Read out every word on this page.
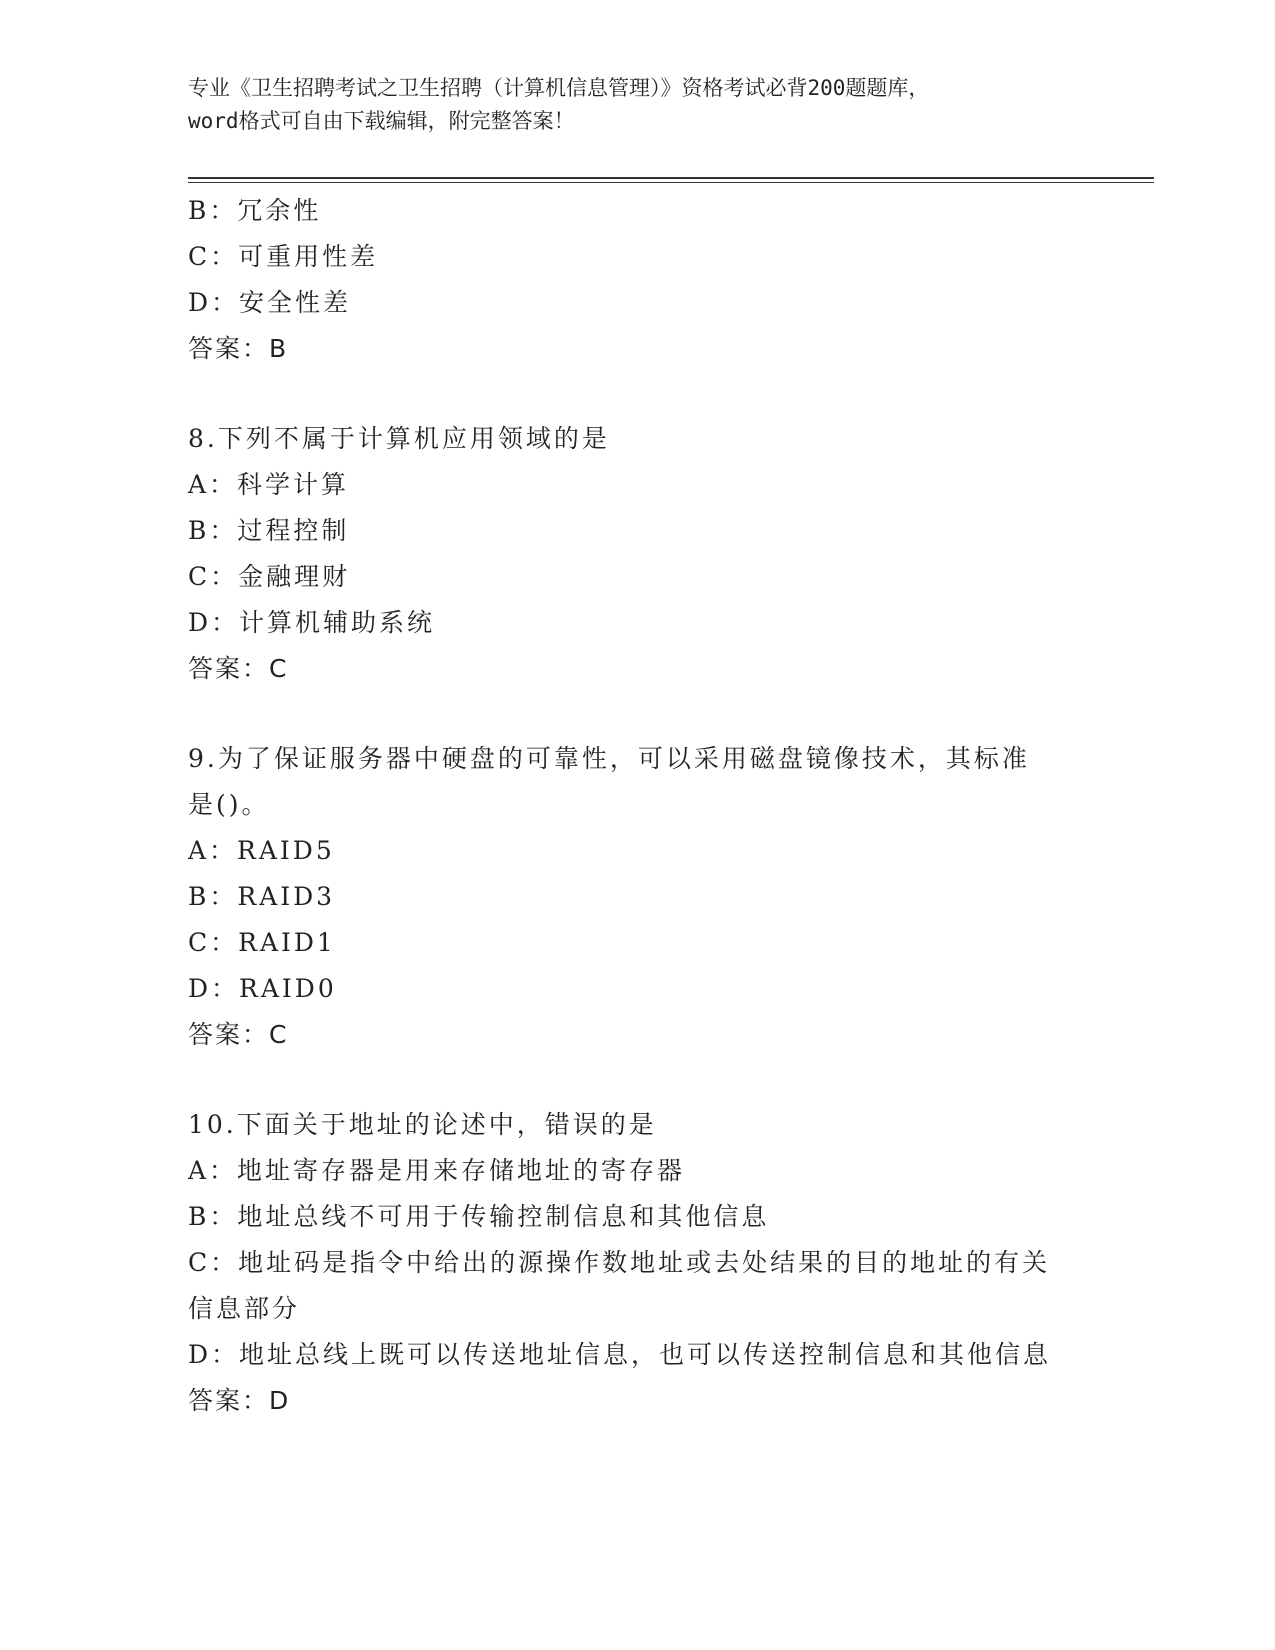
专业《卫生招聘考试之卫生招聘（计算机信息管理）》资格考试必背200题题库，
word格式可自由下载编辑，附完整答案！

B：冗余性

C：可重用性差

D：安全性差

答案：B

8.下列不属于计算机应用领域的是

A：科学计算

B：过程控制

C：金融理财

D：计算机辅助系统

答案：C

9.为了保证服务器中硬盘的可靠性，可以采用磁盘镜像技术，其标准是()。

A：RAID5

B：RAID3

C：RAID1

D：RAID0

答案：C

10.下面关于地址的论述中，错误的是

A：地址寄存器是用来存储地址的寄存器

B：地址总线不可用于传输控制信息和其他信息

C：地址码是指令中给出的源操作数地址或去处结果的目的地址的有关信息部分

D：地址总线上既可以传送地址信息，也可以传送控制信息和其他信息

答案：D
